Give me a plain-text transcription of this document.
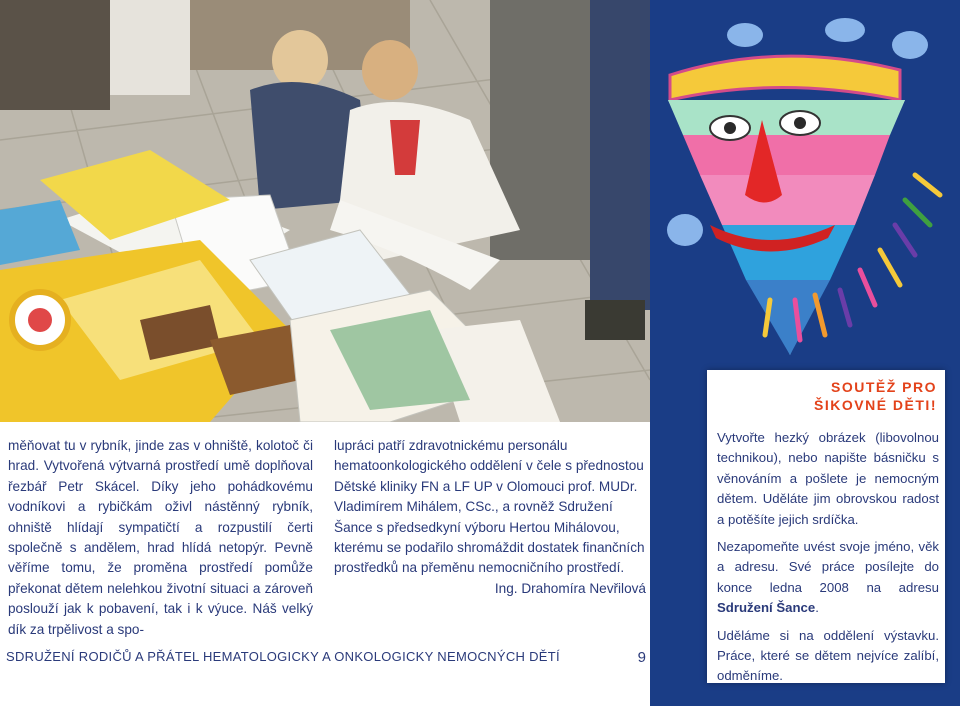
měňovat tu v rybník, jinde zas v ohniště, kolotoč či hrad. Vytvořená výtvarná prostředí umě doplňoval řezbář Petr Skácel. Díky jeho pohádkovému vodníkovi a rybičkám oživl nástěnný rybník, ohniště hlídají sympatičtí a rozpustilí čerti společně s andělem, hrad hlídá netopýr. Pevně věříme tomu, že proměna prostředí pomůže překonat dětem nelehkou životní situaci a zároveň poslouží jak k pobavení, tak i k výuce. Náš velký dík za trpělivost a spo-

lupráci patří zdravotnickému personálu hematoonkologického oddělení v čele s přednostou Dětské kliniky FN a LF UP v Olomouci prof. MUDr. Vladimírem Mihálem, CSc., a rovněž Sdružení Šance s předsedkyní výboru Hertou Mihálovou, kterému se podařilo shromáždit dostatek finančních prostředků na přeměnu nemocničního prostředí.

Ing. Drahomíra Nevřilová

SDRUŽENÍ RODIČŮ A PŘÁTEL HEMATOLOGICKY A ONKOLOGICKY NEMOCNÝCH DĚTÍ	9
SOUTĚŽ PRO
ŠIKOVNÉ DĚTI!

Vytvořte hezký obrázek (libovolnou technikou), nebo napište básničku s věnováním a pošlete je nemocným dětem. Uděláte jim obrovskou radost a potěšíte jejich srdíčka.

Nezapomeňte uvést svoje jméno, věk a adresu. Své práce posílejte do konce ledna 2008 na adresu Sdružení Šance.

Uděláme si na oddělení výstavku. Práce, které se dětem nejvíce zalíbí, odměníme.
